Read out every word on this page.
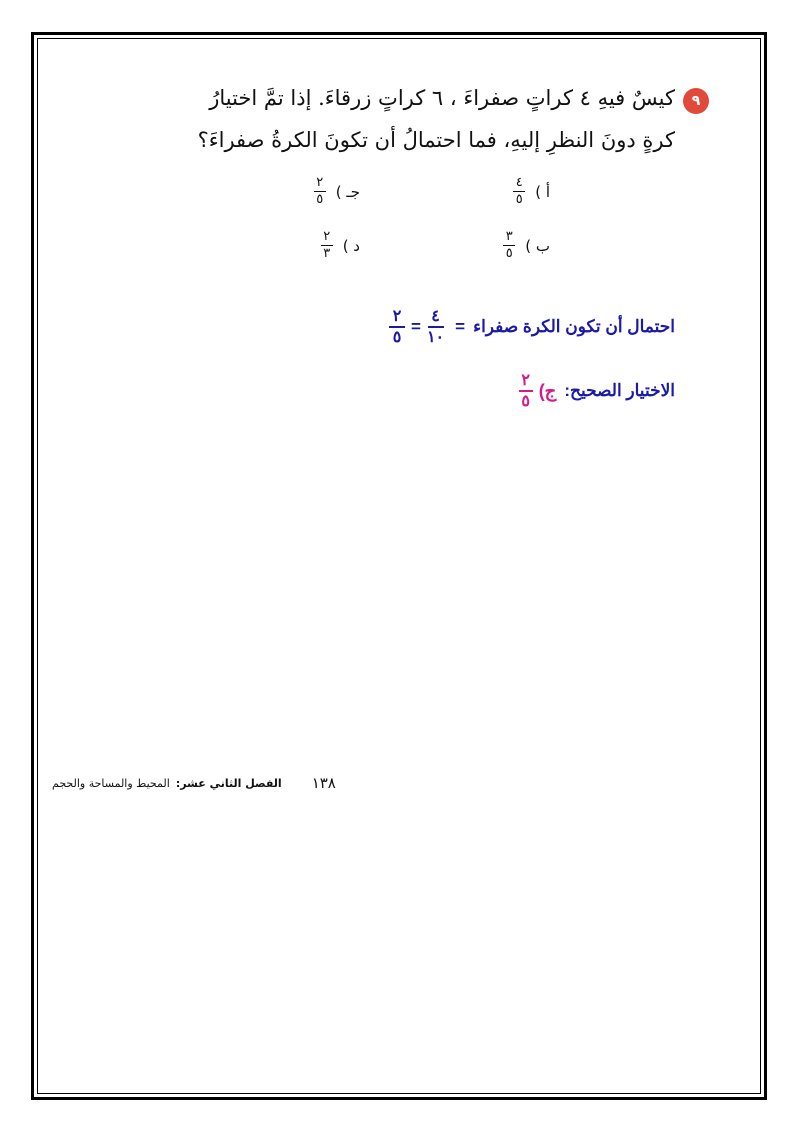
٩
كيسٌ فيهِ ٤ كراتٍ صفراءَ ، ٦ كراتٍ زرقاءَ. إذا تمَّ اختيارُ
كرةٍ دونَ النظرِ إليهِ، فما احتمالُ أن تكونَ الكرةُ صفراءَ؟
أ )
$\frac{٤}{٥}$
جـ )
$\frac{٢}{٥}$
ب )
$\frac{٣}{٥}$
د )
$\frac{٢}{٣}$
احتمال أن تكون الكرة صفراء
=
$\frac{٤}{١٠}$
=
$\frac{٢}{٥}$
الاختيار الصحيح:
ج)
$\frac{٢}{٥}$
١٣٨
الفصل الثاني عشر:
المحيط والمساحة والحجم
